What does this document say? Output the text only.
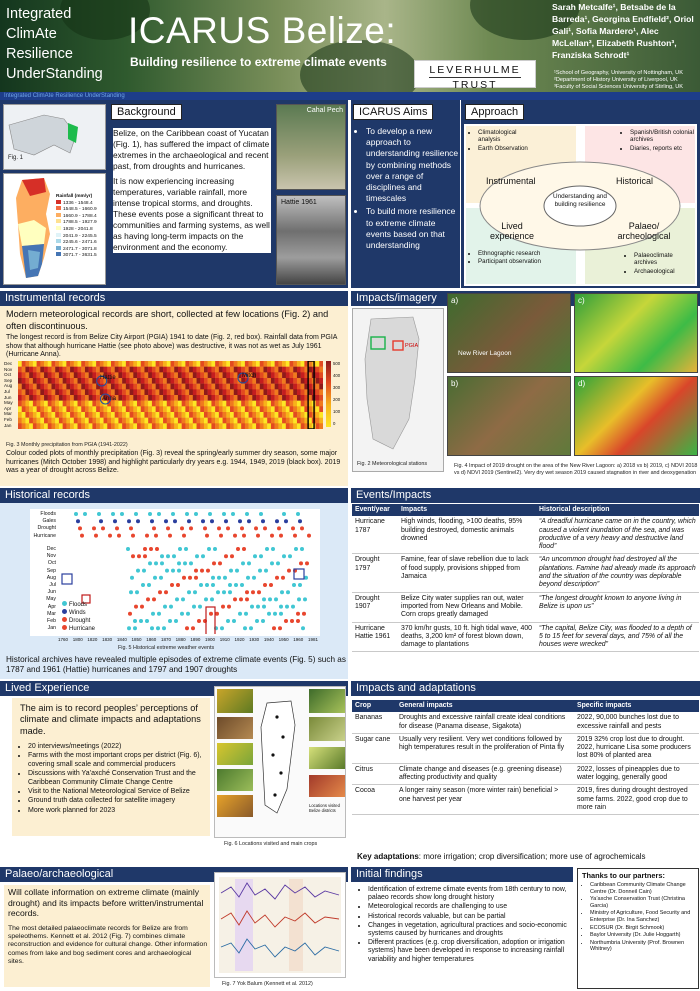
Integrated
ClimAte
Resilience
UnderStanding
ICARUS Belize:
Building resilience to extreme climate events
LEVERHULME
TRUST
Sarah Metcalfe¹, Betsabe de la Barreda¹, Georgina Endfield², Oriol Gali¹, Sofia Mardero¹, Alec McLellan³, Elizabeth Rushton³, Franziska Schrodt¹
¹School of Geography, University of Nottingham, UK
²Department of History University of Liverpool, UK
³Faculty of Social Sciences University of Stirling, UK
Integrated ClimAte Resilience UnderStanding
Fig. 1
Rainfall (mm/yr)
1336 - 1548.4
1548.5 - 1660.9
1660.9 - 1788.4
1788.5 - 1927.9
1928 - 2041.8
2041.9 - 2245.5
2245.6 - 2471.6
2471.7 - 3071.8
3071.7 - 3631.5
Background

Belize, on the Caribbean coast of Yucatan (Fig. 1), has suffered the impact of climate extremes in the archaeological and recent past, from droughts and hurricanes.

It is now experiencing increasing temperatures, variable rainfall, more intense tropical storms, and droughts. These events pose a significant threat to communities and farming systems, as well as having long-term impacts on the environment and the economy.

Cahal Pech
Hattie 1961
ICARUS Aims
• To develop a new approach to understanding resilience by combining methods over a range of disciplines and timescales
• To build more resilience to extreme climate events based on that understanding
Approach
Understanding and building resilience
Instrumental	Historical
Lived experience
Palaeo/ archeological
• Climatological analysis
• Earth Observation
• Spanish/British colonial archives
• Diaries, reports etc
• Ethnographic research
• Participant observation
• Palaeoclimate archives
• Archaeological
Instrumental records
Modern meteorological records are short, collected at few locations (Fig. 2) and often discontinuous.
The longest record is from Belize City Airport (PGIA) 1941 to date (Fig. 2, red box). Rainfall data from PGIA show that although hurricane Hattie (see photo above) was destructive, it was not as wet as July 1961 (Hurricane Anna).
Dec
Nov
Oct
Sep
Aug
Jul
Jun
May
Apr
Mar
Feb
Jan
500
400
300
200
100
0
Hattie	Mitch
Anna
Fig. 3 Monthly precipitation from PGIA (1941-2022)
Colour coded plots of monthly precipitation (Fig. 3) reveal the spring/early summer dry season, some major hurricanes (Mitch October 1998) and highlight particularly dry years e.g. 1944, 1949, 2019 (black box). 2019 was a year of drought across Belize.
Impacts/imagery
PGIA
Fig. 2 Meteorological stations
a)
New River Lagoon
c)
b)	d)
Fig. 4 Impact of 2019 drought on the area of the New River Lagoon: a) 2018 vs b) 2019, c) NDVI 2018 vs d) NDVI 2019 (Sentinel2). Very dry wet season 2019 caused stagnation in river and deoxygenation
Historical records
Floods
Gales
Drought
Hurricane
Dec
Nov
Oct
Sep
Aug
Jul
Jun
May
Apr
Mar
Feb
Jan
Floods
Winds
Drought
Hurricane
1760 1800 1820 1830 1840 1850 1860 1870 1880 1890 1900 1910 1920 1930 1940 1950 1960 1981
Fig. 5 Historical extreme weather events
Historical archives have revealed multiple episodes of extreme climate events (Fig. 5) such as 1787 and 1961 (Hattie) hurricanes and 1797 and 1907 droughts
Events/Impacts
Event/year	Impacts	Historical description
Hurricane 1787	High winds, flooding, >100 deaths, 95% building destroyed, domestic animals drowned	“A dreadful hurricane came on in the country, which caused a violent inundation of the sea, and was productive of a very heavy and destructive land flood”
Drought 1797	Famine, fear of slave rebellion due to lack of food supply, provisions shipped from Jamaica	“An uncommon drought had destroyed all the plantations. Famine had already made its approach and the situation of the country was deplorable beyond description”
Drought 1907	Belize City water supplies ran out, water imported from New Orleans and Mobile. Corn crops greatly damaged	“The longest drought known to anyone living in Belize is upon us”
Hurricane Hattie 1961	370 km/hr gusts, 10 ft. high tidal wave, 400 deaths, 3,200 km² of forest blown down, damage to plantations	“The capital, Belize City, was flooded to a depth of 5 to 15 feet for several days, and 75% of all the houses were wrecked”
Lived Experience
The aim is to record peoples’ perceptions of climate and climate impacts and adaptations made.
• 20 interviews/meetings (2022)
• Farms with the most important crops per district (Fig. 6), covering small scale and commercial producers
• Discussions with Ya’axché Conservation Trust and the Caribbean Community Climate Change Centre
• Visit to the National Meteorological Service of Belize
• Ground truth data collected for satellite imagery
• More work planned for 2023
Locations visited
Belize districts
Fig. 6 Locations visited and main crops
Impacts and adaptations
Crop	General impacts	Specific impacts
Bananas	Droughts and excessive rainfall create ideal conditions for disease (Panama disease, Sigakota)	2022, 90,000 bunches lost due to excessive rainfall and pests
Sugar cane	Usually very resilient. Very wet conditions followed by high temperatures result in the proliferation of Pinta fly	2019 32% crop lost due to drought. 2022, hurricane Lisa some producers lost 80% of planted area
Citrus	Climate change and diseases (e.g. greening disease) affecting productivity and quality	2022, losses of pineapples due to water logging, generally good
Cocoa	A longer rainy season (more winter rain) beneficial > one harvest per year	2019, fires during drought destroyed some farms. 2022, good crop due to more rain
Key adaptations: more irrigation; crop diversification; more use of agrochemicals
Palaeo/archaeological
Will collate information on extreme climate (mainly drought) and its impacts before written/instrumental records.
The most detailed palaeoclimate records for Belize are from speleothems. Kennett et al. 2012 (Fig. 7) combines climate reconstruction and evidence for cultural change. Other information comes from lake and bog sediment cores and archaeological sites.
Fig. 7 Yok Balum (Kennett et al. 2012)
Initial findings
• Identification of extreme climate events from 18th century to now, palaeo records show long drought history
• Meteorological records are challenging to use
• Historical records valuable, but can be partial
• Changes in vegetation, agricultural practices and socio-economic systems caused by hurricanes and droughts
• Different practices (e.g. crop diversification, adoption or irrigation systems) have been developed in response to increasing rainfall variability and higher temperatures
Thanks to our partners:
• Caribbean Community Climate Change Centre (Dr. Donneil Cain)
• Ya’axche Conservation Trust (Christina Garcia)
• Ministry of Agriculture, Food Security and Enterprise (Dr. Ina Sanchez)
• ECOSUR (Dr. Birgit Schmook)
• Baylor University (Dr. Julie Hoggarth)
• Northumbria University (Prof. Brownen Whitney)
